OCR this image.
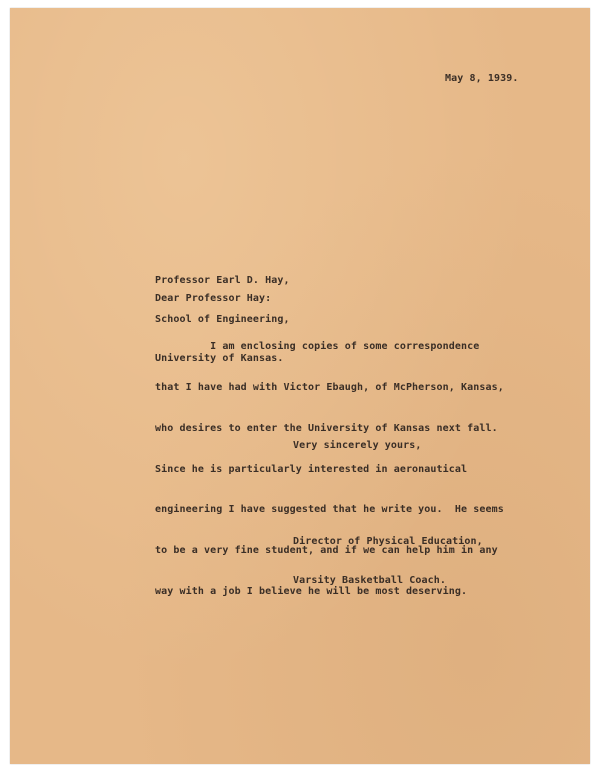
May 8, 1939.

Professor Earl D. Hay,

School of Engineering,

University of Kansas.

Dear Professor Hay:

I am enclosing copies of some correspondence

that I have had with Victor Ebaugh, of McPherson, Kansas,

who desires to enter the University of Kansas next fall.

Since he is particularly interested in aeronautical

engineering I have suggested that he write you.  He seems

to be a very fine student, and if we can help him in any

way with a job I believe he will be most deserving.

Very sincerely yours,

Director of Physical Education,

Varsity Basketball Coach.
